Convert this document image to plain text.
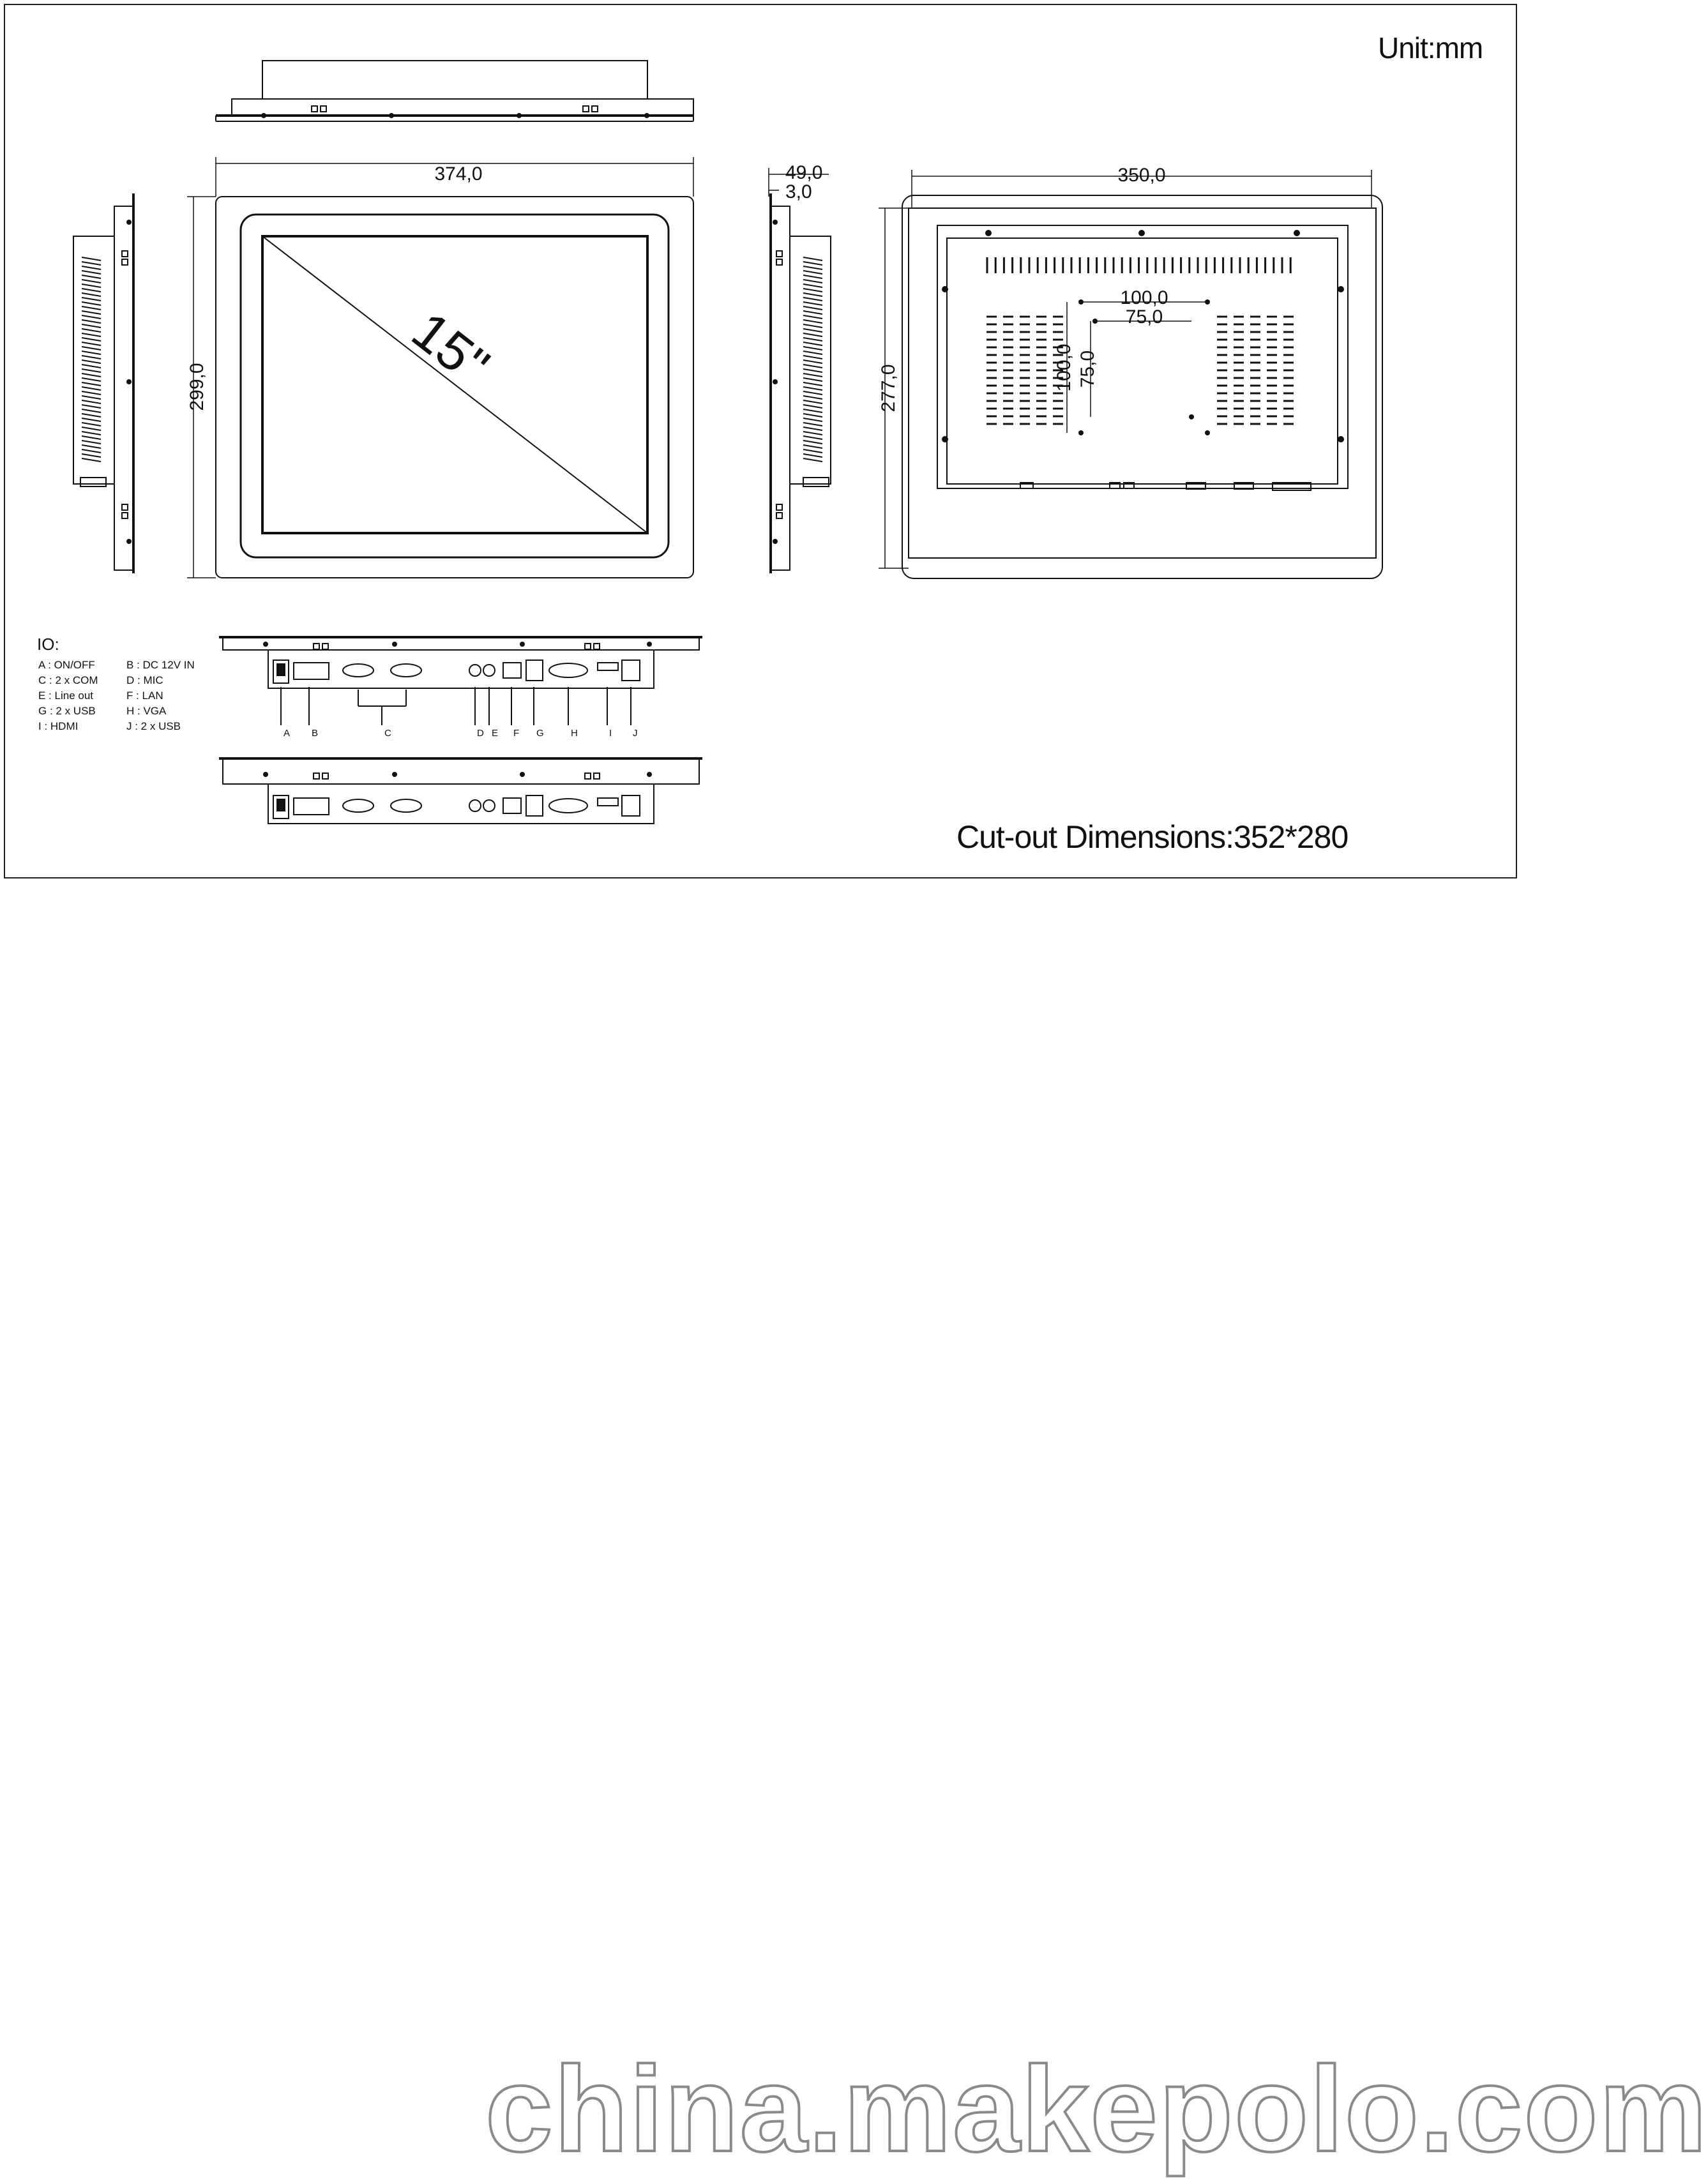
374,0
299,0
49,0
3,0
350,0
277,0
100,0
75,0
100,0 75,0
15"
IO:
A : ON/OFF	B : DC 12V IN
C : 2 x COM	D : MIC
E : Line out	F : LAN
G : 2 x USB	H : VGA
I : HDMI	J : 2 x USB
A B	C	D E F G	H	I J
Unit:mm
Cut-out Dimensions:352*280
china.makepolo.com
